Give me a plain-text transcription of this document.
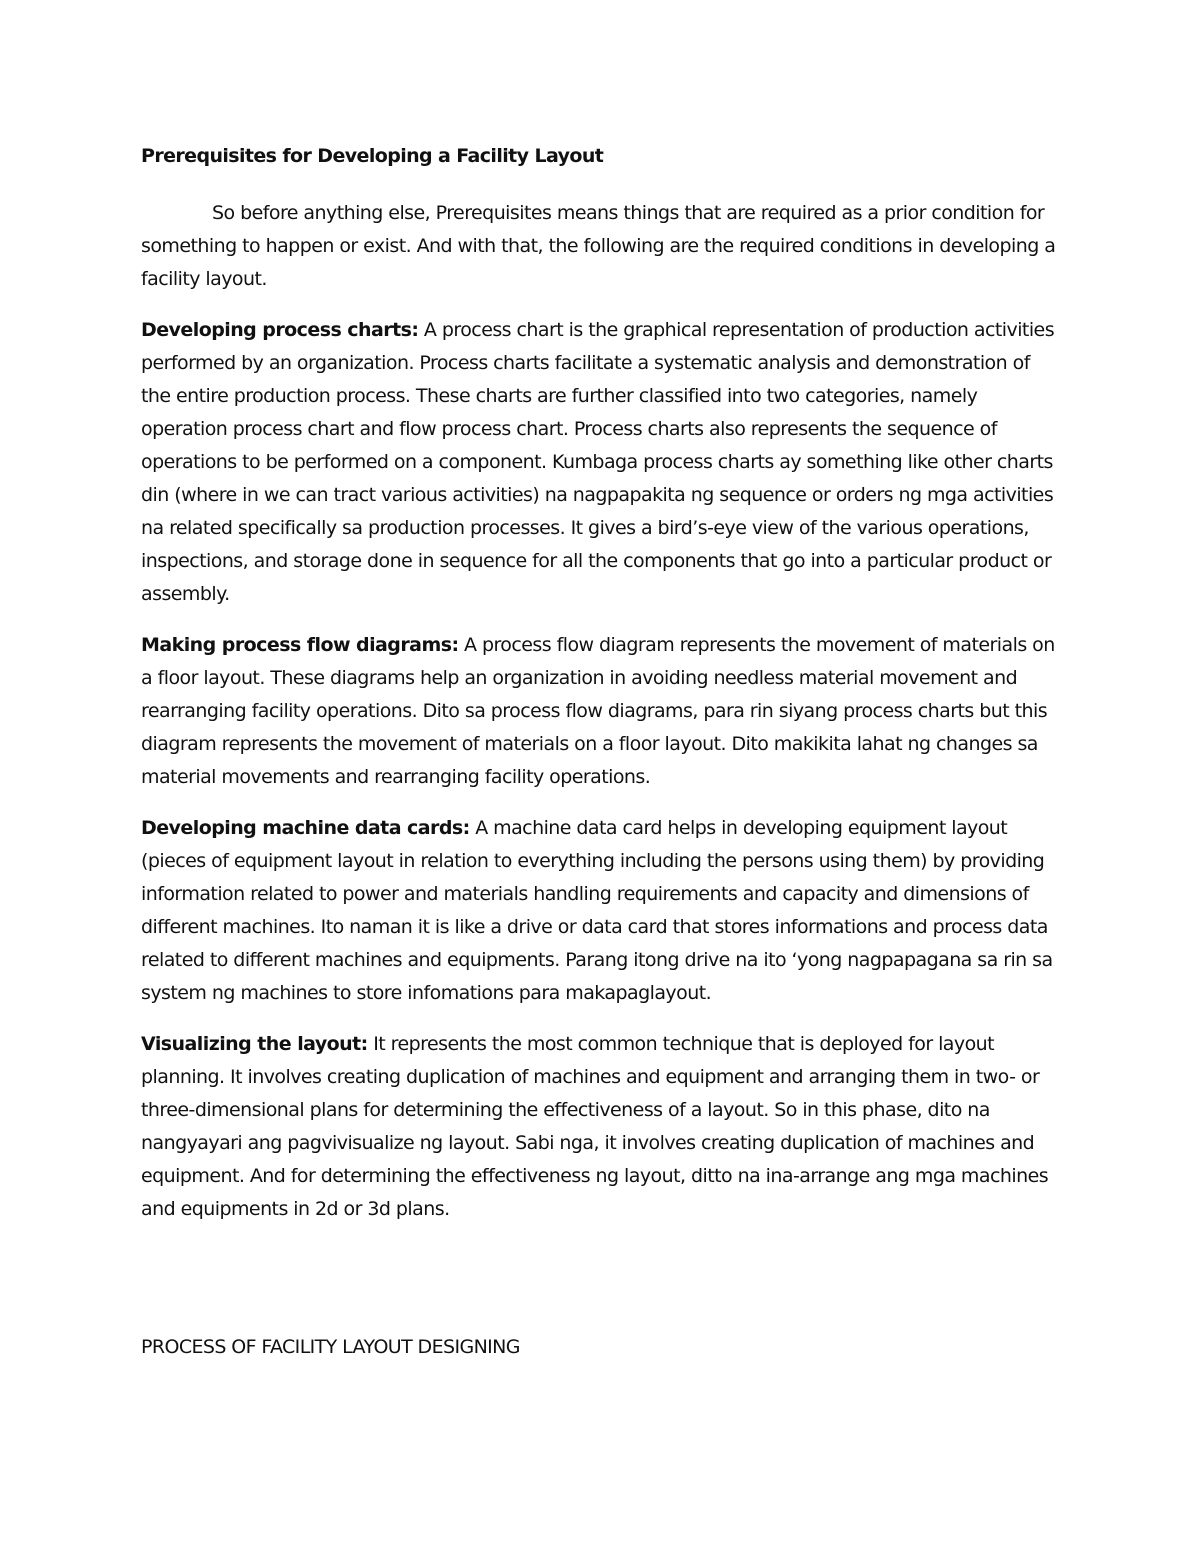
Prerequisites for Developing a Facility Layout

So before anything else, Prerequisites means things that are required as a prior condition for something to happen or exist. And with that, the following are the required conditions in developing a facility layout.

Developing process charts: A process chart is the graphical representation of production activities performed by an organization. Process charts facilitate a systematic analysis and demonstration of the entire production process. These charts are further classified into two categories, namely operation process chart and flow process chart. Process charts also represents the sequence of operations to be performed on a component. Kumbaga process charts ay something like other charts din (where in we can tract various activities) na nagpapakita ng sequence or orders ng mga activities na related specifically sa production processes. It gives a bird’s-eye view of the various operations, inspections, and storage done in sequence for all the components that go into a particular product or assembly.

Making process flow diagrams: A process flow diagram represents the movement of materials on a floor layout. These diagrams help an organization in avoiding needless material movement and rearranging facility operations. Dito sa process flow diagrams, para rin siyang process charts but this diagram represents the movement of materials on a floor layout. Dito makikita lahat ng changes sa material movements and rearranging facility operations.

Developing machine data cards: A machine data card helps in developing equipment layout (pieces of equipment layout in relation to everything including the persons using them) by providing information related to power and materials handling requirements and capacity and dimensions of different machines. Ito naman it is like a drive or data card that stores informations and process data related to different machines and equipments. Parang itong drive na ito ‘yong nagpapagana sa rin sa system ng machines to store infomations para makapaglayout.

Visualizing the layout: It represents the most common technique that is deployed for layout planning. It involves creating duplication of machines and equipment and arranging them in two- or three-dimensional plans for determining the effectiveness of a layout. So in this phase, dito na nangyayari ang pagvivisualize ng layout. Sabi nga, it involves creating duplication of machines and equipment. And for determining the effectiveness ng layout, ditto na ina-arrange ang mga machines and equipments in 2d or 3d plans.

PROCESS OF FACILITY LAYOUT DESIGNING
